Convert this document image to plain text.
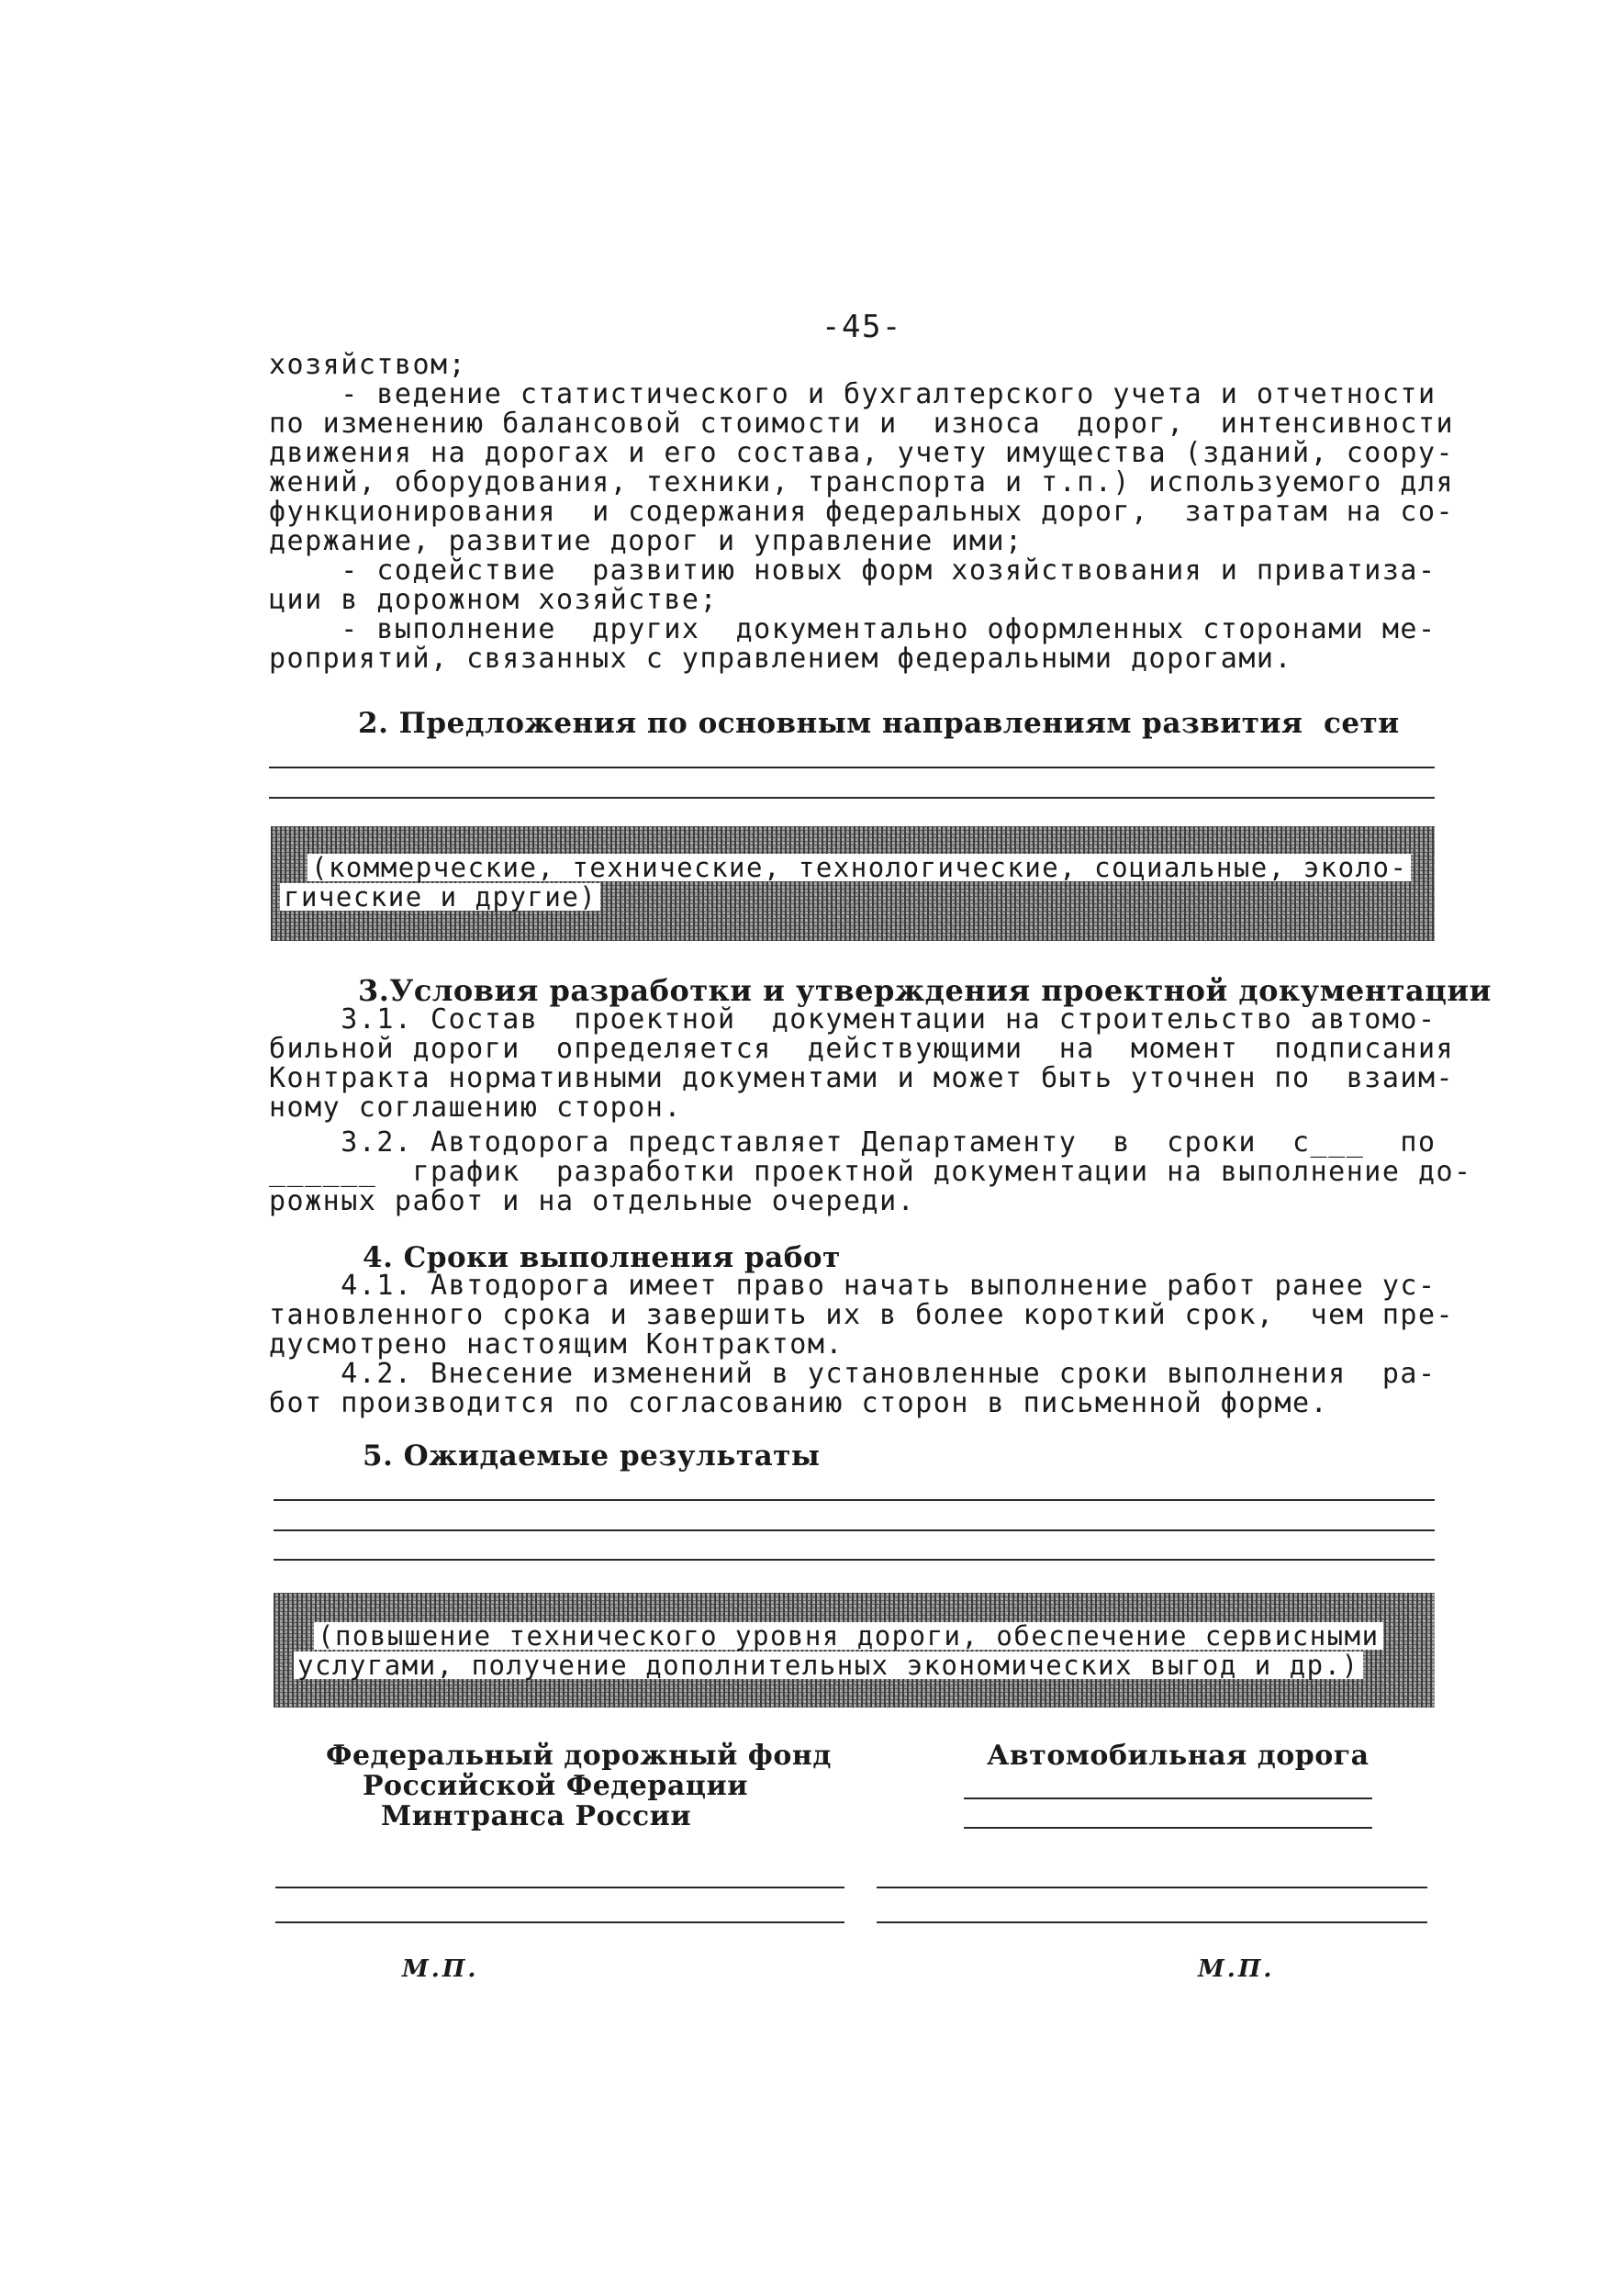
-45-
хозяйством;
- ведение статистического и бухгалтерского учета и отчетности
по изменению балансовой стоимости и  износа  дорог,  интенсивности
движения на дорогах и его состава, учету имущества (зданий, соору-
жений, оборудования, техники, транспорта и т.п.) используемого для
функционирования  и содержания федеральных дорог,  затратам на со-
держание, развитие дорог и управление ими;
- содействие  развитию новых форм хозяйствования и приватиза-
ции в дорожном хозяйстве;
- выполнение  других  документально оформленных сторонами ме-
роприятий, связанных с управлением федеральными дорогами.
2. Предложения по основным направлениям развития  сети
(коммерческие, технические, технологические, социальные, эколо-
гические и другие)
3.Условия разработки и утверждения проектной документации
3.1. Состав  проектной  документации на строительство автомо-
бильной дороги  определяется  действующими  на  момент  подписания
Контракта нормативными документами и может быть уточнен по  взаим-
ному соглашению сторон.
3.2. Автодорога представляет Департаменту  в  сроки  с___  по
______  график  разработки проектной документации на выполнение до-
рожных работ и на отдельные очереди.
4. Сроки выполнения работ
4.1. Автодорога имеет право начать выполнение работ ранее ус-
тановленного срока и завершить их в более короткий срок,  чем пре-
дусмотрено настоящим Контрактом.
4.2. Внесение изменений в установленные сроки выполнения  ра-
бот производится по согласованию сторон в письменной форме.
5. Ожидаемые результаты
(повышение технического уровня дороги, обеспечение сервисными
услугами, получение дополнительных экономических выгод и др.)
Федеральный дорожный фонд
Российской Федерации
Минтранса России
М.П.
Автомобильная дорога
М.П.
